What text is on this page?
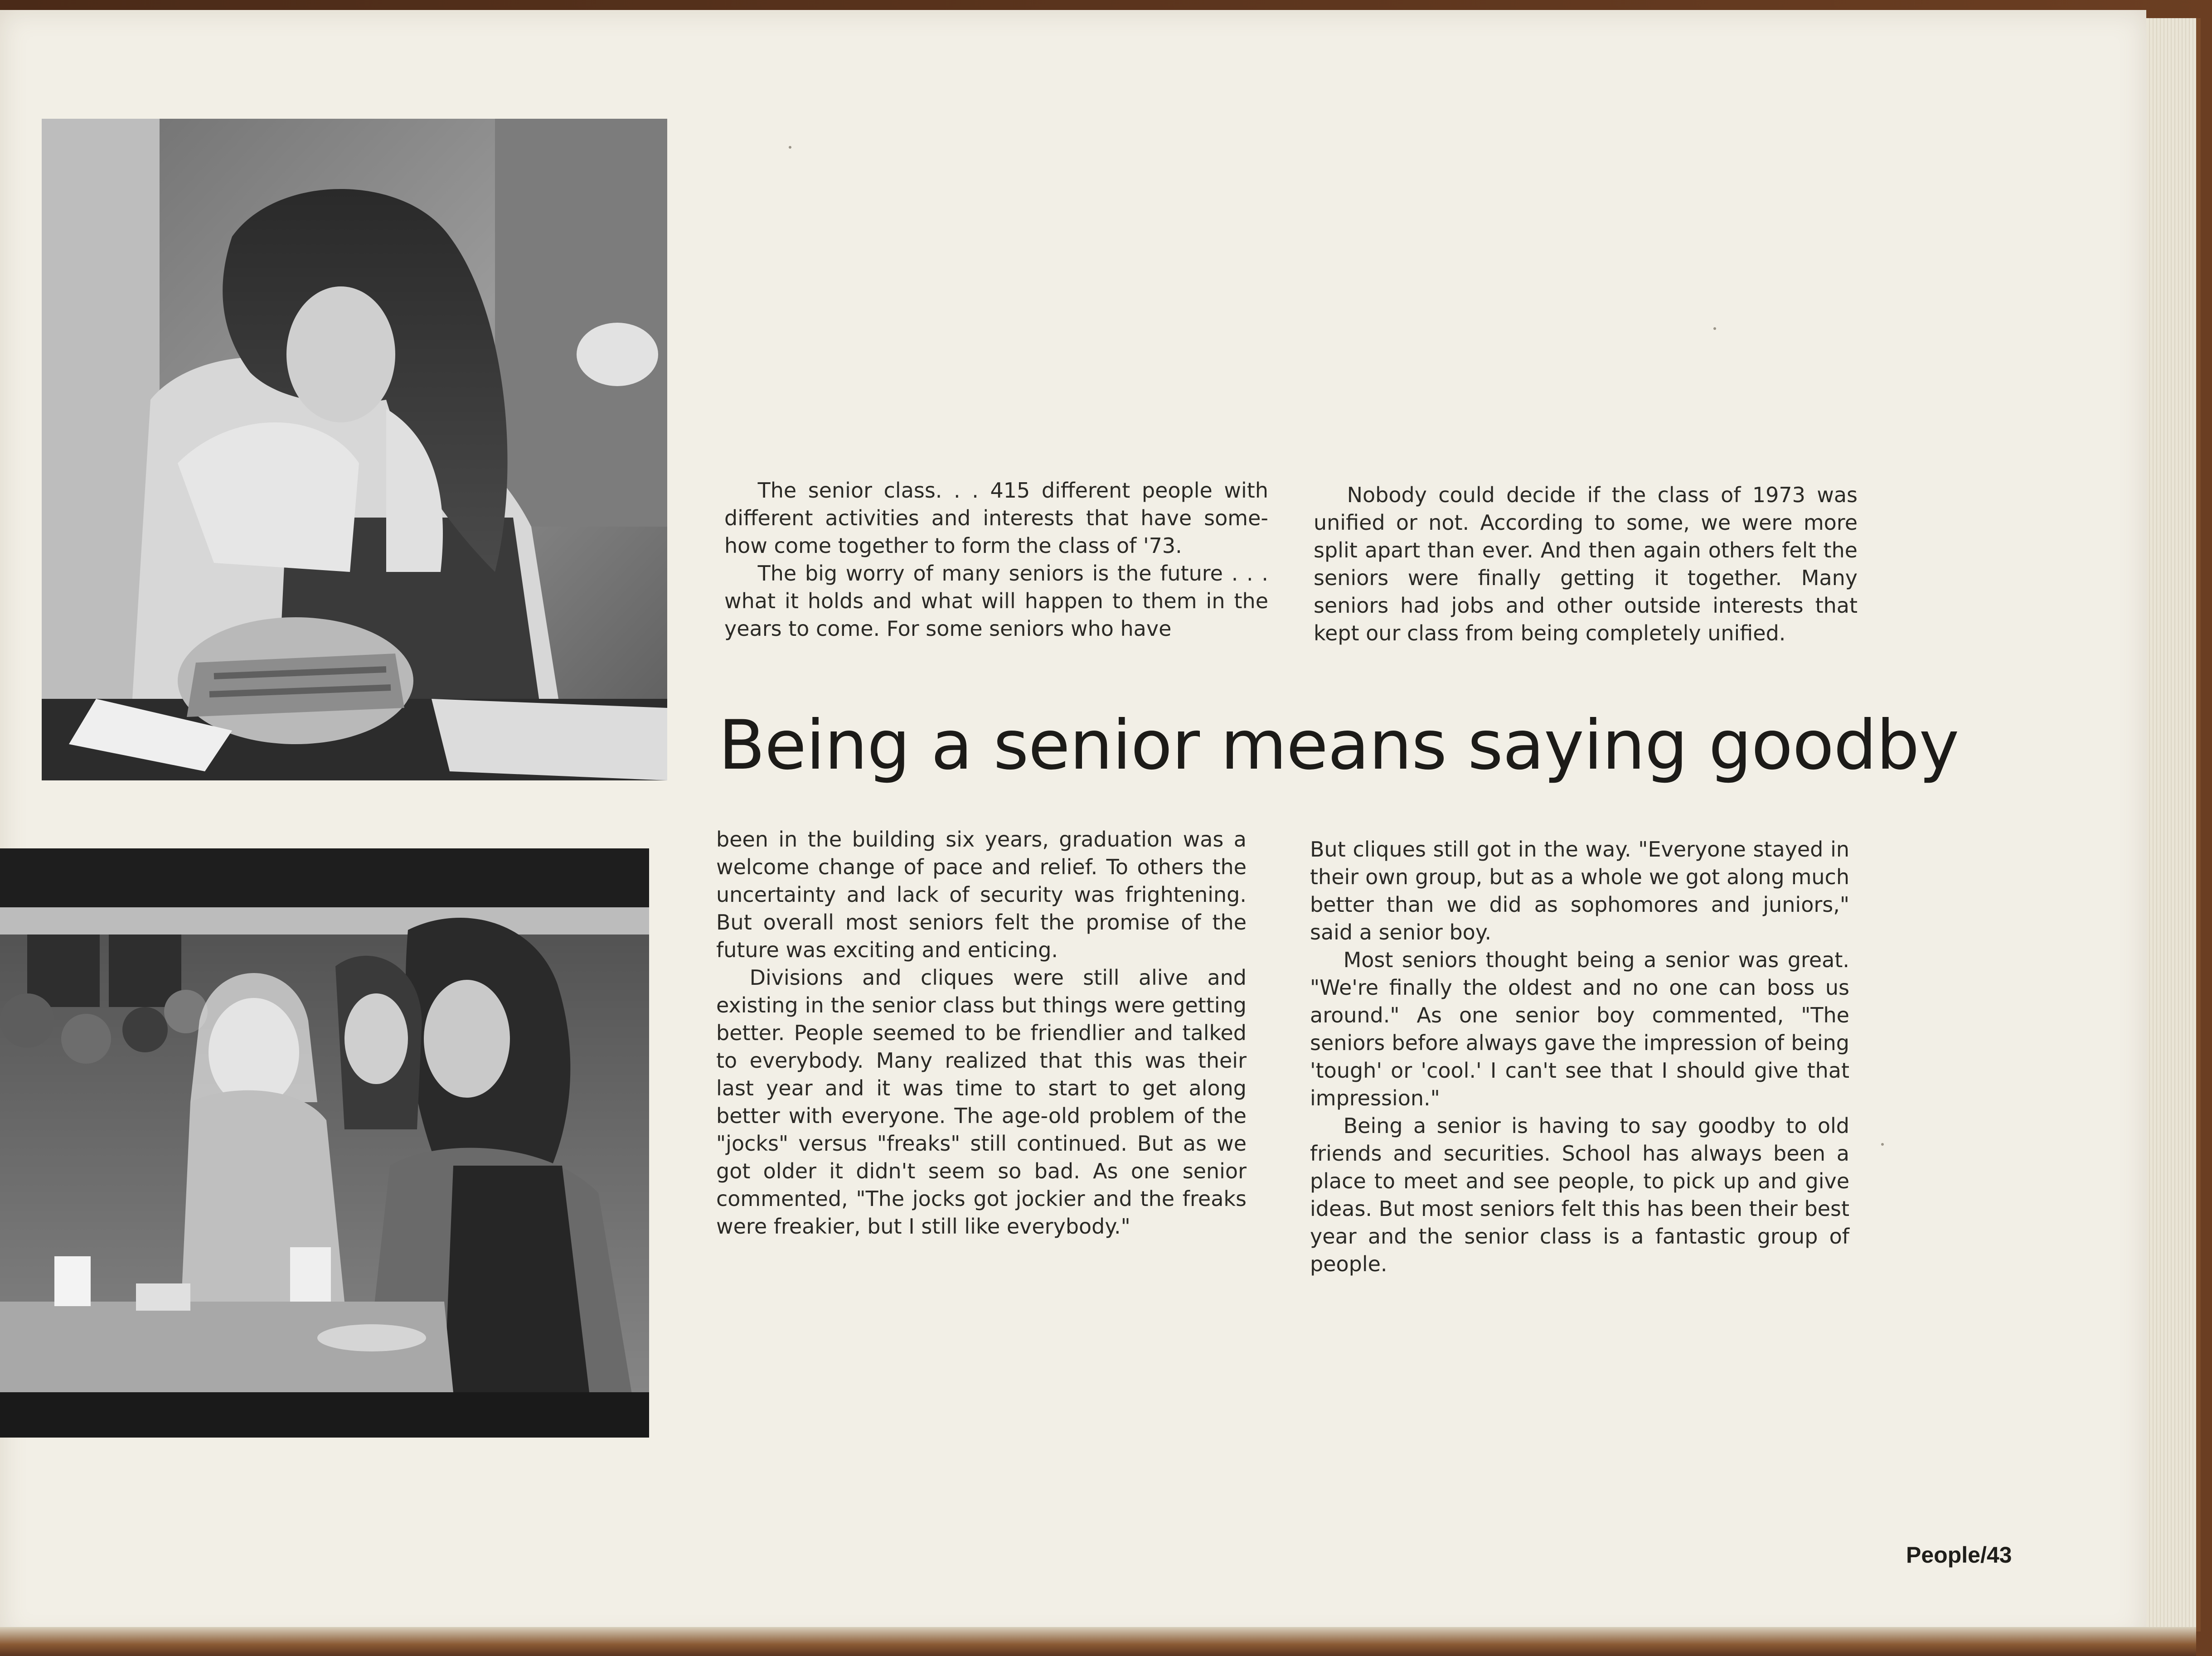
The senior class. . . 415 different people with different activities and interests that have some-how come together to form the class of '73.

The big worry of many seniors is the future . . . what it holds and what will happen to them in the years to come. For some seniors who have

Nobody could decide if the class of 1973 was unified or not. According to some, we were more split apart than ever. And then again others felt the seniors were finally getting it together. Many seniors had jobs and other outside interests that kept our class from being completely unified.

Being a senior means saying goodby

been in the building six years, graduation was a welcome change of pace and relief. To others the uncertainty and lack of security was frightening. But overall most seniors felt the promise of the future was exciting and enticing.

Divisions and cliques were still alive and existing in the senior class but things were getting better. People seemed to be friendlier and talked to everybody. Many realized that this was their last year and it was time to start to get along better with everyone. The age-old problem of the "jocks" versus "freaks" still continued. But as we got older it didn't seem so bad. As one senior commented, "The jocks got jockier and the freaks were freakier, but I still like everybody."

But cliques still got in the way. "Everyone stayed in their own group, but as a whole we got along much better than we did as sophomores and juniors," said a senior boy.

Most seniors thought being a senior was great. "We're finally the oldest and no one can boss us around." As one senior boy commented, "The seniors before always gave the impression of being 'tough' or 'cool.' I can't see that I should give that impression."

Being a senior is having to say goodby to old friends and securities. School has always been a place to meet and see people, to pick up and give ideas. But most seniors felt this has been their best year and the senior class is a fantastic group of people.

People/43
